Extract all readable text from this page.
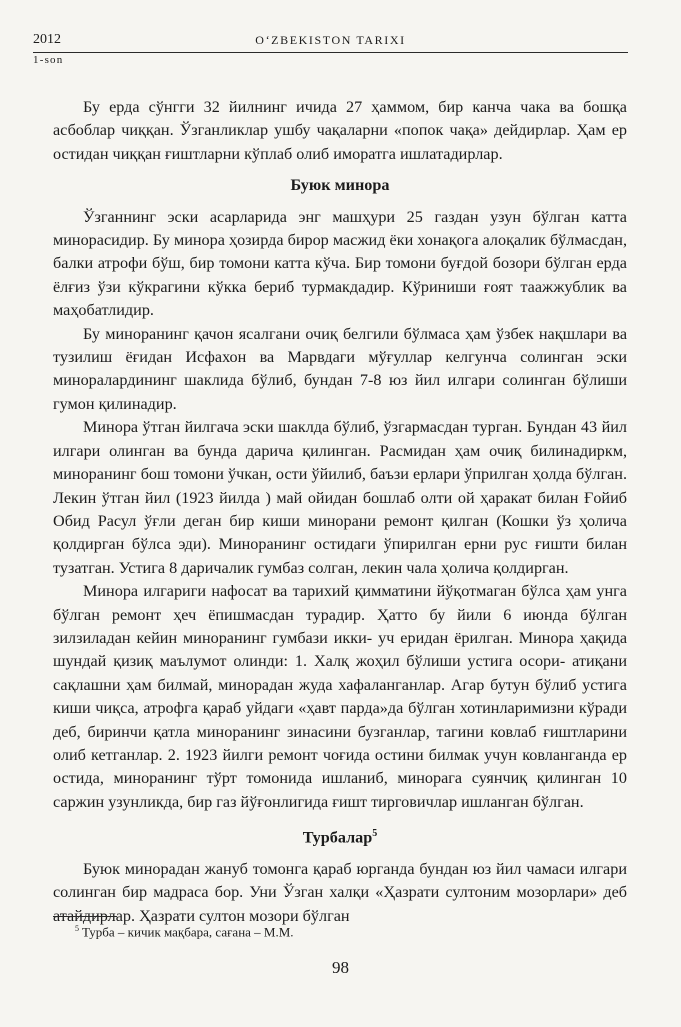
2012	O‘ZBEKISTON TARIXI
1-son

Бу ерда сўнгги 32 йилнинг ичида 27 ҳаммом, бир канча чака ва бошқа асбоблар чиққан. Ўзганликлар ушбу чақаларни «попок чақа» дейдирлар. Ҳам ер остидан чиққан ғиштларни кўплаб олиб иморатга ишлатадирлар.

Буюк минора

Ўзганнинг эски асарларида энг машҳури 25 газдан узун бўлган катта минорасидир. Бу минора ҳозирда бирор масжид ёки хонақога алоқалик бўлмасдан, балки атрофи бўш, бир томони катта кўча. Бир томони буғдой бозори бўлган ерда ёлғиз ўзи кўкрагини кўкка бериб турмакдадир. Кўриниши ғоят таажжублик ва маҳобатлидир.

Бу миноранинг қачон ясалгани очиқ белгили бўлмаса ҳам ўзбек нақшлари ва тузилиш ёғидан Исфахон ва Марвдаги мўғуллар келгунча солинган эски миноралардининг шаклида бўлиб, бундан 7-8 юз йил илгари солинган бўлиши гумон қилинадир.

Минора ўтган йилгача эски шаклда бўлиб, ўзгармасдан турган. Бундан 43 йил илгари олинган ва бунда дарича қилинган. Расмидан ҳам очиқ билинадиркм, миноранинг бош томони ўчкан, ости ўйилиб, баъзи ерлари ўприлган ҳолда бўлган. Лекин ўтган йил (1923 йилда ) май ойидан бошлаб олти ой ҳаракат билан Ғойиб Обид Расул ўғли деган бир киши минорани ремонт қилган (Кошки ўз ҳолича қолдирган бўлса эди). Миноранинг остидаги ўпирилган ерни рус ғишти билан тузатган. Устига 8 даричалик гумбаз солган, лекин чала ҳолича қолдирган.

Минора илгариги нафосат ва тарихий қимматини йўқотмаган бўлса ҳам унга бўлган ремонт ҳеч ёпишмасдан турадир. Ҳатто бу йили 6 июнда бўлган зилзиладан кейин миноранинг гумбази икки- уч еридан ёрилган. Минора ҳақида шундай қизиқ маълумот олинди: 1. Халқ жоҳил бўлиши устига осори- атиқани сақлашни ҳам билмай, минорадан жуда хафаланганлар. Агар бутун бўлиб устига киши чиқса, атрофга қараб уйдаги «ҳавт парда»да бўлган хотинларимизни кўради деб, биринчи қатла миноранинг зинасини бузганлар, тагини ковлаб ғиштларини олиб кетганлар. 2. 1923 йилги ремонт чоғида остини билмак учун ковланганда ер остида, миноранинг тўрт томонида ишланиб, минорага суянчиқ қилинган 10 саржин узунликда, бир газ йўғонлигида ғишт тирговичлар ишланган бўлган.

Турбалар$^5$

Буюк минорадан жануб томонга қараб юрганда бундан юз йил чамаси илгари солинган бир мадраса бор. Уни Ўзган халқи «Ҳазрати султоним мозорлари» деб атайдирлар. Ҳазрати султон мозори бўлган

$^5$ Турба – кичик мақбара, сағана – М.М.
98
